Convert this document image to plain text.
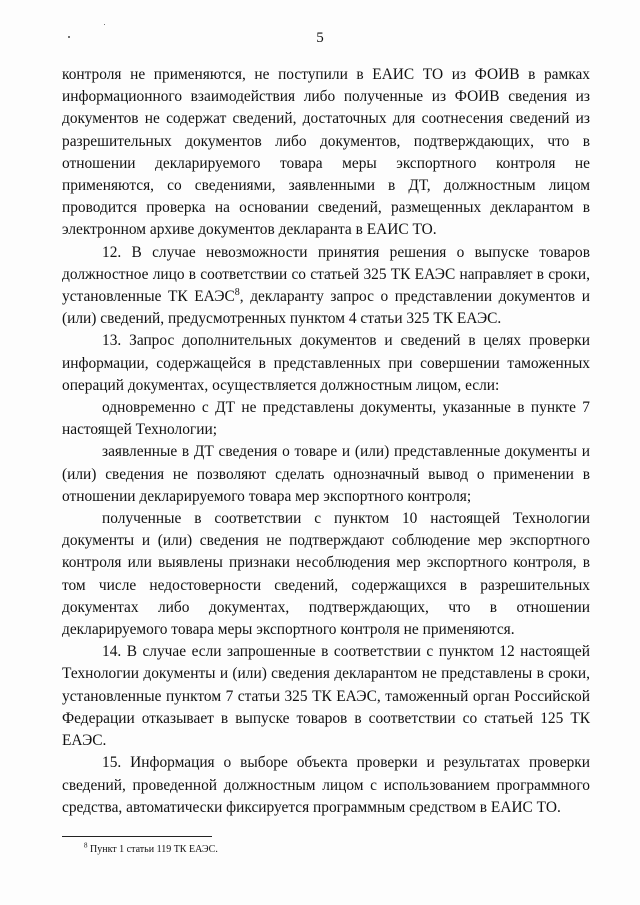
5

контроля не применяются, не поступили в ЕАИС ТО из ФОИВ в рамках информационного взаимодействия либо полученные из ФОИВ сведения из документов не содержат сведений, достаточных для соотнесения сведений из разрешительных документов либо документов, подтверждающих, что в отношении декларируемого товара меры экспортного контроля не применяются, со сведениями, заявленными в ДТ, должностным лицом проводится проверка на основании сведений, размещенных декларантом в электронном архиве документов декларанта в ЕАИС ТО.

12. В случае невозможности принятия решения о выпуске товаров должностное лицо в соответствии со статьей 325 ТК ЕАЭС направляет в сроки, установленные ТК ЕАЭС$^8$, декларанту запрос о представлении документов и (или) сведений, предусмотренных пунктом 4 статьи 325 ТК ЕАЭС.

13. Запрос дополнительных документов и сведений в целях проверки информации, содержащейся в представленных при совершении таможенных операций документах, осуществляется должностным лицом, если:

одновременно с ДТ не представлены документы, указанные в пункте 7 настоящей Технологии;

заявленные в ДТ сведения о товаре и (или) представленные документы и (или) сведения не позволяют сделать однозначный вывод о применении в отношении декларируемого товара мер экспортного контроля;

полученные в соответствии с пунктом 10 настоящей Технологии документы и (или) сведения не подтверждают соблюдение мер экспортного контроля или выявлены признаки несоблюдения мер экспортного контроля, в том числе недостоверности сведений, содержащихся в разрешительных документах либо документах, подтверждающих, что в отношении декларируемого товара меры экспортного контроля не применяются.

14. В случае если запрошенные в соответствии с пунктом 12 настоящей Технологии документы и (или) сведения декларантом не представлены в сроки, установленные пунктом 7 статьи 325 ТК ЕАЭС, таможенный орган Российской Федерации отказывает в выпуске товаров в соответствии со статьей 125 ТК ЕАЭС.

15. Информация о выборе объекта проверки и результатах проверки сведений, проведенной должностным лицом с использованием программного средства, автоматически фиксируется программным средством в ЕАИС ТО.

$^8$ Пункт 1 статьи 119 ТК ЕАЭС.
